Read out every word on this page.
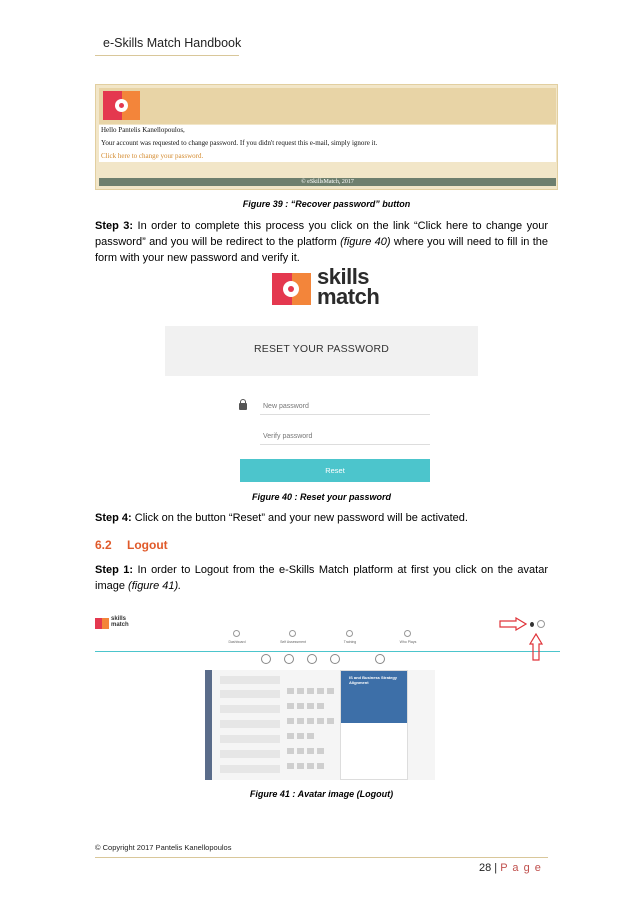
e-Skills Match Handbook
Hello Pantelis Kanellopoulos,
Your account was requested to change password. If you didn't request this e-mail, simply ignore it.
Click here to change your password.
© eSkillsMatch, 2017
Figure 39 : “Recover password” button
Step 3: In order to complete this process you click on the link “Click here to change your password” and you will be redirect to the platform (figure 40) where you will need to fill in the form with your new password and verify it.
skills
match
RESET YOUR PASSWORD
New password
Verify password
Reset
Figure 40 : Reset your password
Step 4: Click on the button “Reset” and your new password will be activated.
6.2 Logout
Step 1: In order to Logout from the e-Skills Match platform at first you click on the avatar image (figure 41).
skills
match
Dashboard	Self Assessment	Training	Who Plays
IS and Business Strategy Alignment
Figure 41 : Avatar image (Logout)
© Copyright 2017 Pantelis Kanellopoulos
28 | P a g e
